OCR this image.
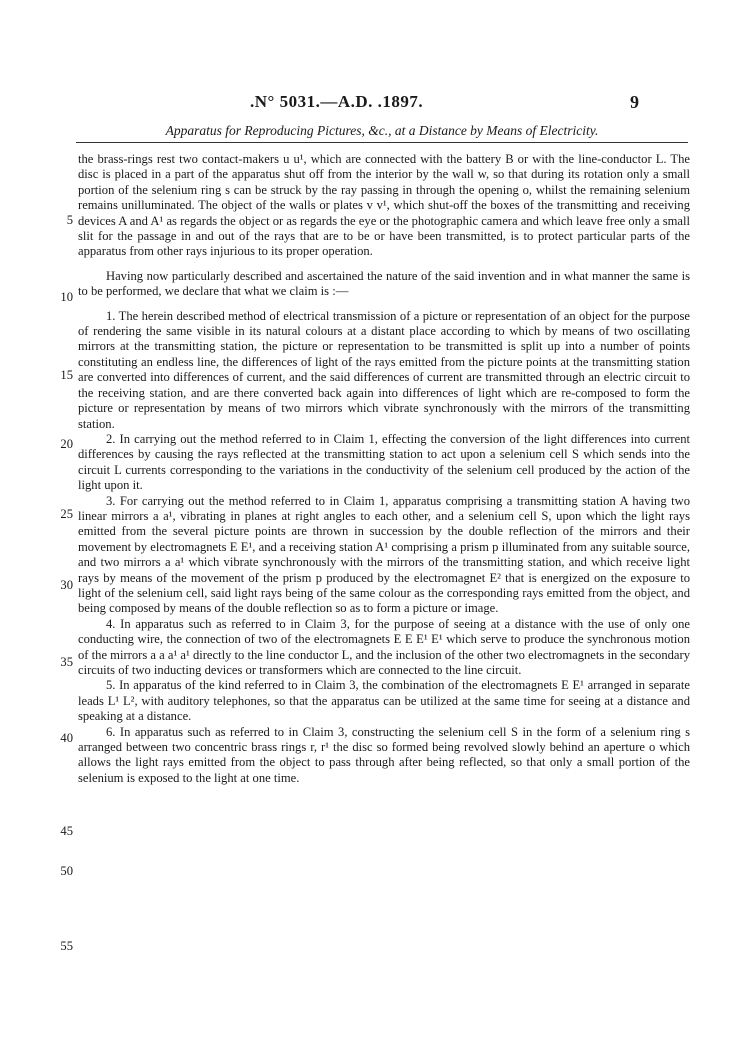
.N° 5031.—A.D. .1897.	9
Apparatus for Reproducing Pictures, &c., at a Distance by Means of Electricity.
5
10
15
20
25
30
35
40
45
50
55

the brass-rings rest two contact-makers u u¹, which are connected with the battery B or with the line-conductor L. The disc is placed in a part of the apparatus shut off from the interior by the wall w, so that during its rotation only a small portion of the selenium ring s can be struck by the ray passing in through the opening o, whilst the remaining selenium remains unilluminated. The object of the walls or plates v v¹, which shut-off the boxes of the transmitting and receiving devices A and A¹ as regards the object or as regards the eye or the photographic camera and which leave free only a small slit for the passage in and out of the rays that are to be or have been transmitted, is to protect particular parts of the apparatus from other rays injurious to its proper operation.

Having now particularly described and ascertained the nature of the said invention and in what manner the same is to be performed, we declare that what we claim is :—

1. The herein described method of electrical transmission of a picture or representation of an object for the purpose of rendering the same visible in its natural colours at a distant place according to which by means of two oscillating mirrors at the transmitting station, the picture or representation to be transmitted is split up into a number of points constituting an endless line, the differences of light of the rays emitted from the picture points at the transmitting station are converted into differences of current, and the said differences of current are transmitted through an electric circuit to the receiving station, and are there converted back again into differences of light which are re-composed to form the picture or representation by means of two mirrors which vibrate synchronously with the mirrors of the transmitting station.

2. In carrying out the method referred to in Claim 1, effecting the conversion of the light differences into current differences by causing the rays reflected at the transmitting station to act upon a selenium cell S which sends into the circuit L currents corresponding to the variations in the conductivity of the selenium cell produced by the action of the light upon it.

3. For carrying out the method referred to in Claim 1, apparatus comprising a transmitting station A having two linear mirrors a a¹, vibrating in planes at right angles to each other, and a selenium cell S, upon which the light rays emitted from the several picture points are thrown in succession by the double reflection of the mirrors and their movement by electromagnets E E¹, and a receiving station A¹ comprising a prism p illuminated from any suitable source, and two mirrors a a¹ which vibrate synchronously with the mirrors of the transmitting station, and which receive light rays by means of the movement of the prism p produced by the electromagnet E² that is energized on the exposure to light of the selenium cell, said light rays being of the same colour as the corresponding rays emitted from the object, and being composed by means of the double reflection so as to form a picture or image.

4. In apparatus such as referred to in Claim 3, for the purpose of seeing at a distance with the use of only one conducting wire, the connection of two of the electromagnets E E E¹ E¹ which serve to produce the synchronous motion of the mirrors a a a¹ a¹ directly to the line conductor L, and the inclusion of the other two electromagnets in the secondary circuits of two inducting devices or transformers which are connected to the line circuit.

5. In apparatus of the kind referred to in Claim 3, the combination of the electromagnets E E¹ arranged in separate leads L¹ L², with auditory telephones, so that the apparatus can be utilized at the same time for seeing at a distance and speaking at a distance.

6. In apparatus such as referred to in Claim 3, constructing the selenium cell S in the form of a selenium ring s arranged between two concentric brass rings r, r¹ the disc so formed being revolved slowly behind an aperture o which allows the light rays emitted from the object to pass through after being reflected, so that only a small portion of the selenium is exposed to the light at one time.
